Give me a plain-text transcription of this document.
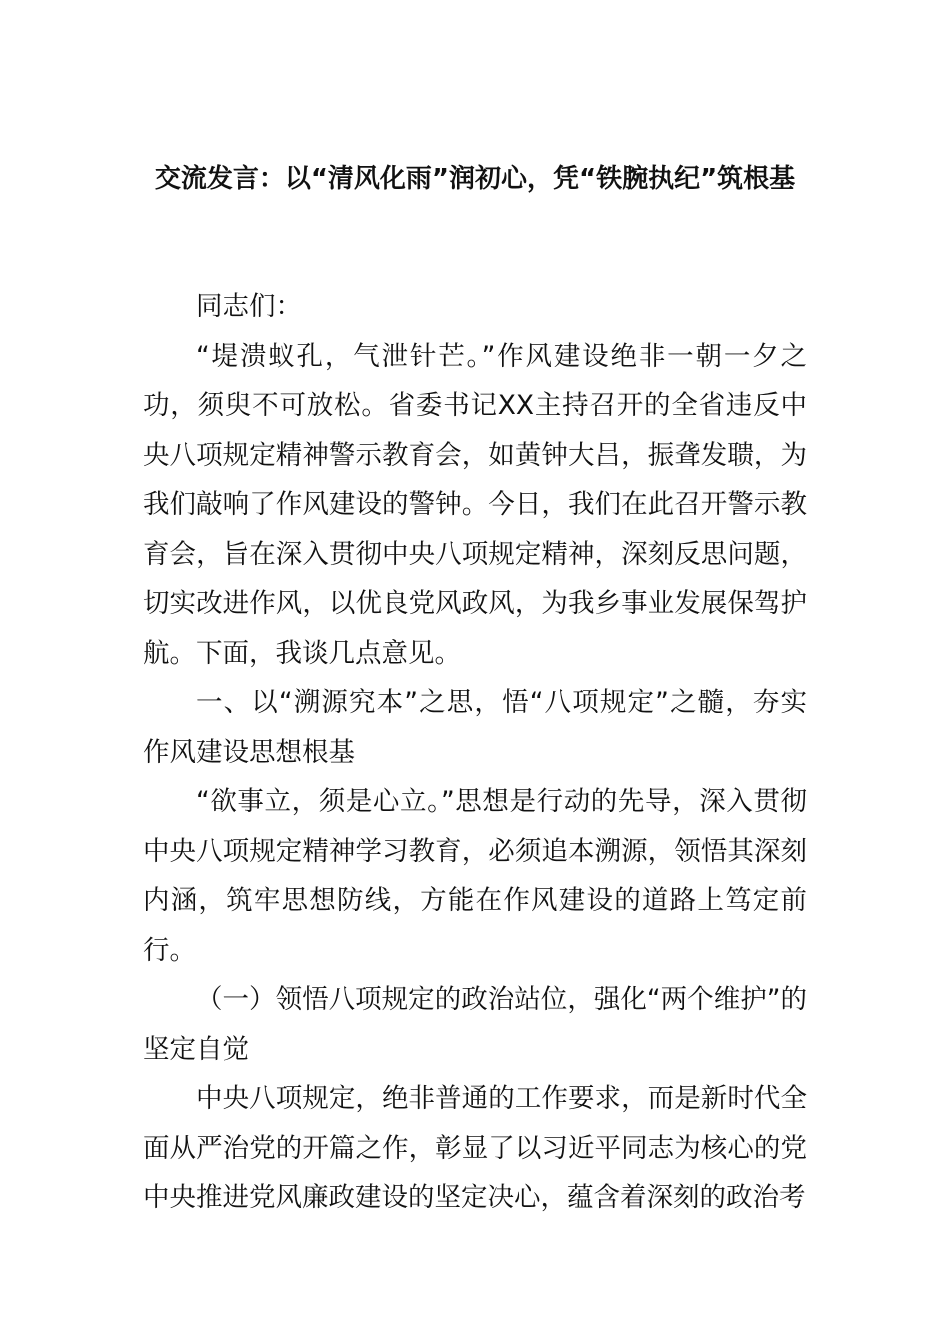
交流发言：以“清风化雨”润初心，凭“铁腕执纪”筑根基

同志们：

“堤溃蚁孔，气泄针芒。”作风建设绝非一朝一夕之功，须臾不可放松。省委书记XX主持召开的全省违反中央八项规定精神警示教育会，如黄钟大吕，振聋发聩，为我们敲响了作风建设的警钟。今日，我们在此召开警示教育会，旨在深入贯彻中央八项规定精神，深刻反思问题，切实改进作风，以优良党风政风，为我乡事业发展保驾护航。下面，我谈几点意见。

一、以“溯源究本”之思，悟“八项规定”之髓，夯实作风建设思想根基

“欲事立，须是心立。”思想是行动的先导，深入贯彻中央八项规定精神学习教育，必须追本溯源，领悟其深刻内涵，筑牢思想防线，方能在作风建设的道路上笃定前行。

（一）领悟八项规定的政治站位，强化“两个维护”的坚定自觉

中央八项规定，绝非普通的工作要求，而是新时代全面从严治党的开篇之作，彰显了以习近平同志为核心的党中央推进党风廉政建设的坚定决心，蕴含着深刻的政治考
